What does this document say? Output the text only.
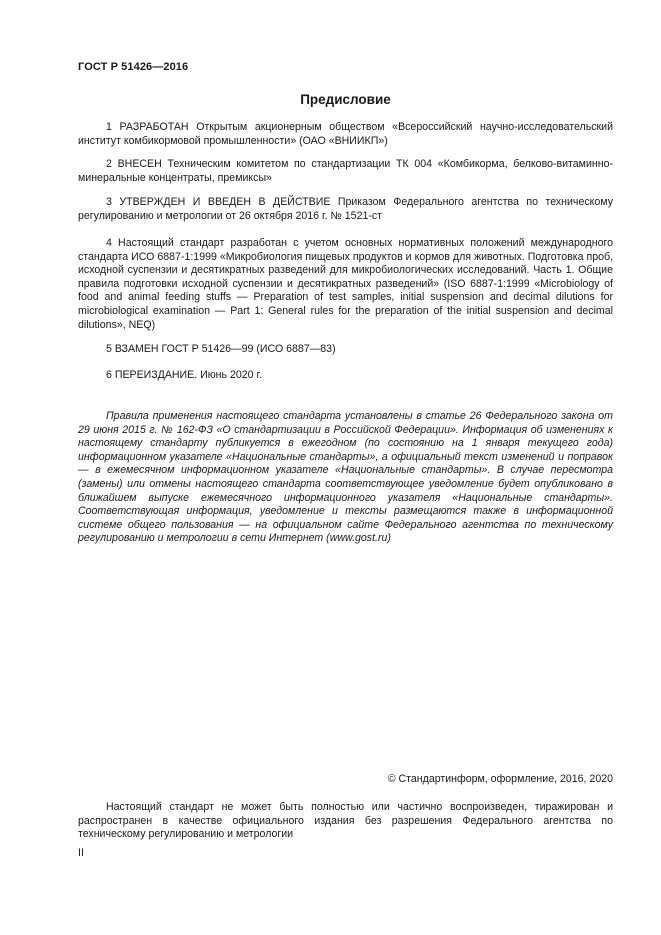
ГОСТ Р 51426—2016
Предисловие

1 РАЗРАБОТАН Открытым акционерным обществом «Всероссийский научно-исследовательский институт комбикормовой промышленности» (ОАО «ВНИИКП»)

2 ВНЕСЕН Техническим комитетом по стандартизации ТК 004 «Комбикорма, белково-витаминно-минеральные концентраты, премиксы»

3 УТВЕРЖДЕН И ВВЕДЕН В ДЕЙСТВИЕ Приказом Федерального агентства по техническому регулированию и метрологии от 26 октября 2016 г. № 1521-ст

4 Настоящий стандарт разработан с учетом основных нормативных положений международного стандарта ИСО 6887-1:1999 «Микробиология пищевых продуктов и кормов для животных. Подготовка проб, исходной суспензии и десятикратных разведений для микробиологических исследований. Часть 1. Общие правила подготовки исходной суспензии и десятикратных разведений» (ISO 6887-1:1999 «Microbiology of food and animal feeding stuffs — Preparation of test samples, initial suspension and decimal dilutions for microbiological examination — Part 1: General rules for the preparation of the initial suspension and decimal dilutions», NEQ)

5 ВЗАМЕН ГОСТ Р 51426—99 (ИСО 6887—83)

6 ПЕРЕИЗДАНИЕ. Июнь 2020 г.

Правила применения настоящего стандарта установлены в статье 26 Федерального закона от 29 июня 2015 г. № 162-ФЗ «О стандартизации в Российской Федерации». Информация об изменениях к настоящему стандарту публикуется в ежегодном (по состоянию на 1 января текущего года) информационном указателе «Национальные стандарты», а официальный текст изменений и поправок — в ежемесячном информационном указателе «Национальные стандарты». В случае пересмотра (замены) или отмены настоящего стандарта соответствующее уведомление будет опубликовано в ближайшем выпуске ежемесячного информационного указателя «Национальные стандарты». Соответствующая информация, уведомление и тексты размещаются также в информационной системе общего пользования — на официальном сайте Федерального агентства по техническому регулированию и метрологии в сети Интернет (www.gost.ru)

© Стандартинформ, оформление, 2016, 2020

Настоящий стандарт не может быть полностью или частично воспроизведен, тиражирован и распространен в качестве официального издания без разрешения Федерального агентства по техническому регулированию и метрологии

II
